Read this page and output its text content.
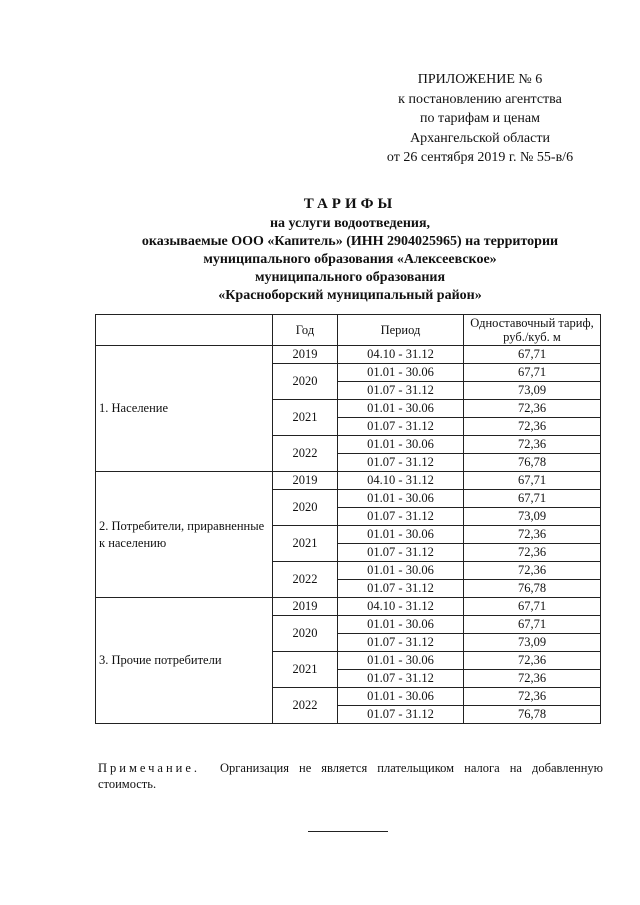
ПРИЛОЖЕНИЕ № 6
к постановлению агентства
по тарифам и ценам
Архангельской области
от 26 сентября 2019 г. № 55-в/6
ТАРИФЫ
на услуги водоотведения,
оказываемые ООО «Капитель» (ИНН 2904025965) на территории
муниципального образования «Алексеевское»
муниципального образования
«Красноборский муниципальный район»
	Год	Период	Одноставочный тариф, руб./куб. м
1. Население	2019	04.10 - 31.12	67,71
	2020	01.01 - 30.06	67,71
		01.07 - 31.12	73,09
	2021	01.01 - 30.06	72,36
		01.07 - 31.12	72,36
	2022	01.01 - 30.06	72,36
		01.07 - 31.12	76,78
2. Потребители, приравненные к населению	2019	04.10 - 31.12	67,71
	2020	01.01 - 30.06	67,71
		01.07 - 31.12	73,09
	2021	01.01 - 30.06	72,36
		01.07 - 31.12	72,36
	2022	01.01 - 30.06	72,36
		01.07 - 31.12	76,78
3. Прочие потребители	2019	04.10 - 31.12	67,71
	2020	01.01 - 30.06	67,71
		01.07 - 31.12	73,09
	2021	01.01 - 30.06	72,36
		01.07 - 31.12	72,36
	2022	01.01 - 30.06	72,36
		01.07 - 31.12	76,78
Примечание. Организация не является плательщиком налога на добавленную стоимость.
